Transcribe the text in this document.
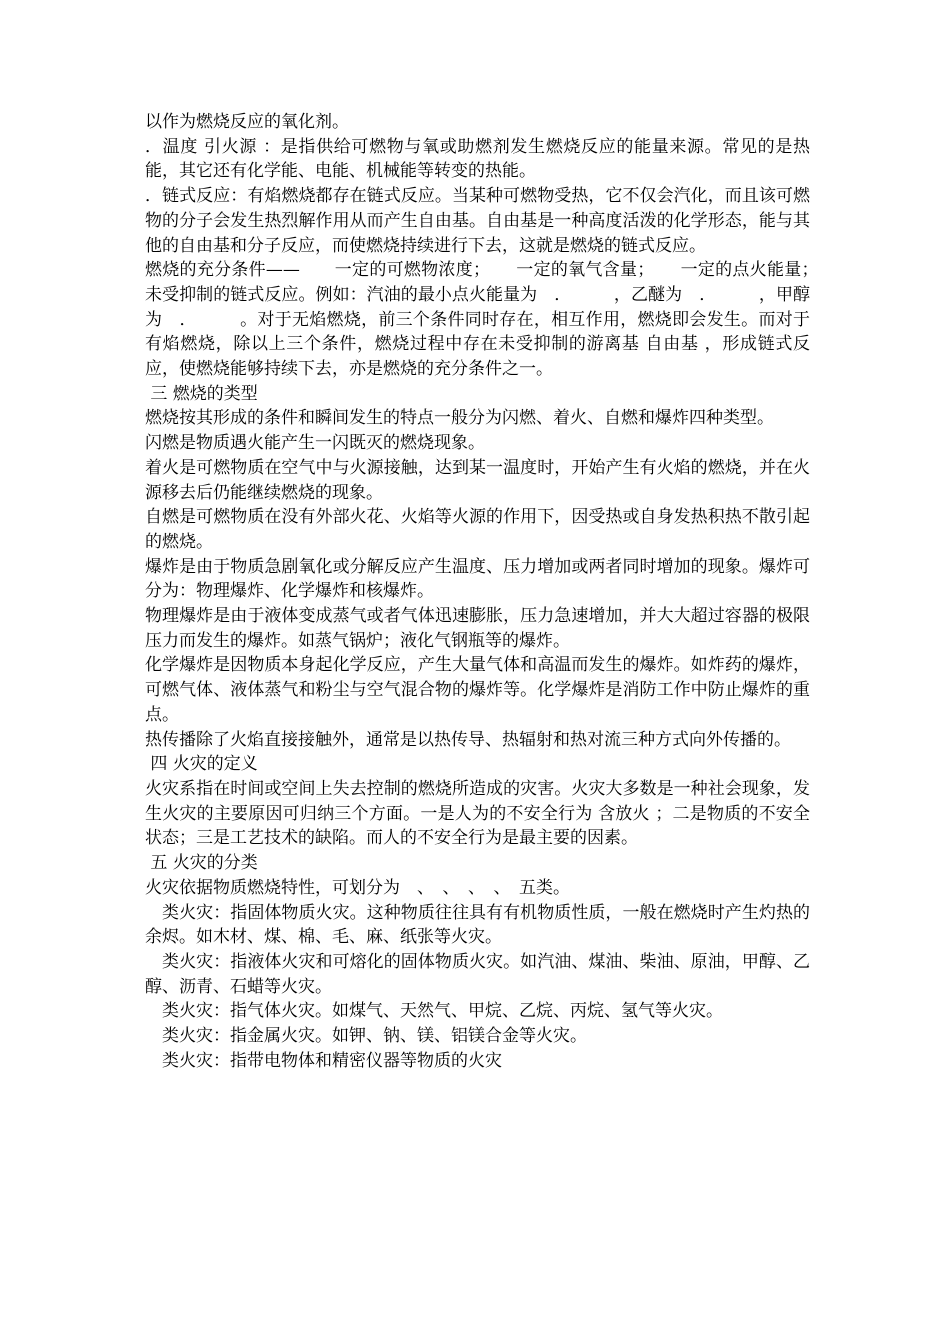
以作为燃烧反应的氧化剂。

．温度 引火源 ：是指供给可燃物与氧或助燃剂发生燃烧反应的能量来源。常见的是热能，其它还有化学能、电能、机械能等转变的热能。

．链式反应：有焰燃烧都存在链式反应。当某种可燃物受热，它不仅会汽化，而且该可燃物的分子会发生热烈解作用从而产生自由基。自由基是一种高度活泼的化学形态，能与其他的自由基和分子反应，而使燃烧持续进行下去，这就是燃烧的链式反应。

燃烧的充分条件——　　一定的可燃物浓度；　　一定的氧气含量；　　一定的点火能量；　　未受抑制的链式反应。例如：汽油的最小点火能量为　．　　　，乙醚为　．　　　，甲醇为　．　　　。对于无焰燃烧，前三个条件同时存在，相互作用，燃烧即会发生。而对于有焰燃烧，除以上三个条件，燃烧过程中存在未受抑制的游离基 自由基 ，形成链式反应，使燃烧能够持续下去，亦是燃烧的充分条件之一。

三 燃烧的类型

燃烧按其形成的条件和瞬间发生的特点一般分为闪燃、着火、自燃和爆炸四种类型。

闪燃是物质遇火能产生一闪既灭的燃烧现象。

着火是可燃物质在空气中与火源接触，达到某一温度时，开始产生有火焰的燃烧，并在火源移去后仍能继续燃烧的现象。

自燃是可燃物质在没有外部火花、火焰等火源的作用下，因受热或自身发热积热不散引起的燃烧。

爆炸是由于物质急剧氧化或分解反应产生温度、压力增加或两者同时增加的现象。爆炸可分为：物理爆炸、化学爆炸和核爆炸。

物理爆炸是由于液体变成蒸气或者气体迅速膨胀，压力急速增加，并大大超过容器的极限压力而发生的爆炸。如蒸气锅炉；液化气钢瓶等的爆炸。

化学爆炸是因物质本身起化学反应，产生大量气体和高温而发生的爆炸。如炸药的爆炸，可燃气体、液体蒸气和粉尘与空气混合物的爆炸等。化学爆炸是消防工作中防止爆炸的重点。

热传播除了火焰直接接触外，通常是以热传导、热辐射和热对流三种方式向外传播的。

四 火灾的定义

火灾系指在时间或空间上失去控制的燃烧所造成的灾害。火灾大多数是一种社会现象，发生火灾的主要原因可归纳三个方面。一是人为的不安全行为 含放火 ；二是物质的不安全状态；三是工艺技术的缺陷。而人的不安全行为是最主要的因素。

五 火灾的分类

火灾依据物质燃烧特性，可划分为　、　、　、　、　五类。

　类火灾：指固体物质火灾。这种物质往往具有有机物质性质，一般在燃烧时产生灼热的余烬。如木材、煤、棉、毛、麻、纸张等火灾。

　类火灾：指液体火灾和可熔化的固体物质火灾。如汽油、煤油、柴油、原油，甲醇、乙醇、沥青、石蜡等火灾。

　类火灾：指气体火灾。如煤气、天然气、甲烷、乙烷、丙烷、氢气等火灾。

　类火灾：指金属火灾。如钾、钠、镁、铝镁合金等火灾。

　类火灾：指带电物体和精密仪器等物质的火灾
